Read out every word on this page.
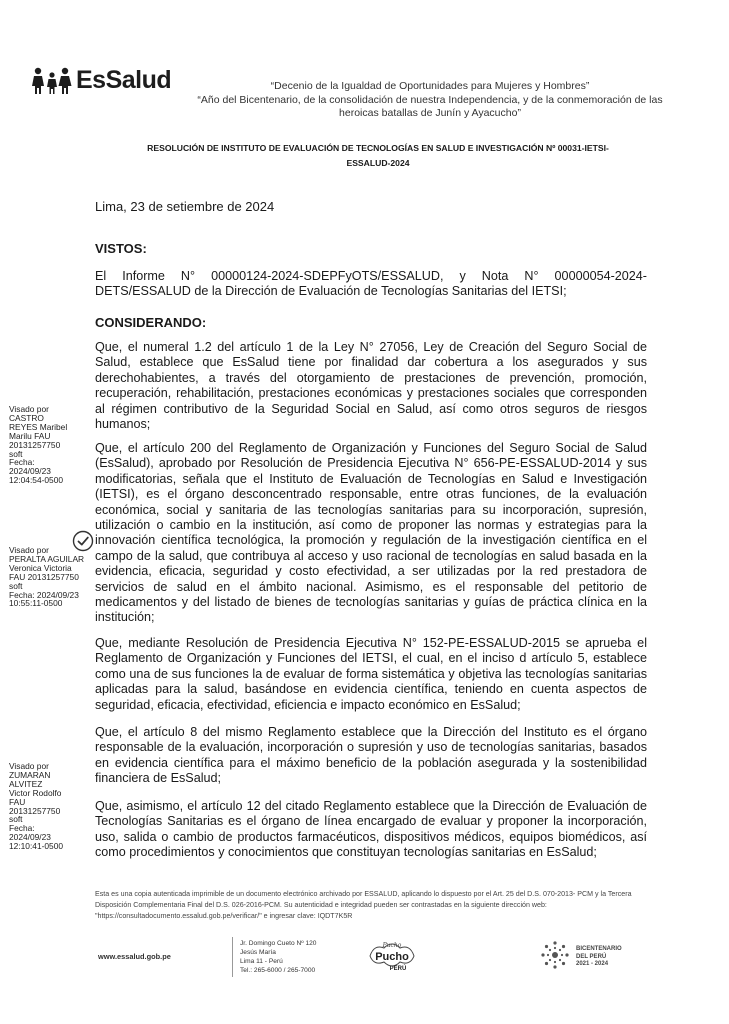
EsSalud	“Decenio de la Igualdad de Oportunidades para Mujeres y Hombres”
“Año del Bicentenario, de la consolidación de nuestra Independencia, y de la conmemoración de las
heroicas batallas de Junín y Ayacucho”
RESOLUCIÓN DE INSTITUTO DE EVALUACIÓN DE TECNOLOGÍAS EN SALUD E INVESTIGACIÓN Nº 00031-IETSI-
ESSALUD-2024
Lima, 23 de setiembre de 2024
VISTOS:

El Informe N° 00000124-2024-SDEPFyOTS/ESSALUD, y Nota N° 00000054-2024-DETS/ESSALUD de la Dirección de Evaluación de Tecnologías Sanitarias del IETSI;

CONSIDERANDO:

Que, el numeral 1.2 del artículo 1 de la Ley N° 27056, Ley de Creación del Seguro Social de Salud, establece que EsSalud tiene por finalidad dar cobertura a los asegurados y sus derechohabientes, a través del otorgamiento de prestaciones de prevención, promoción, recuperación, rehabilitación, prestaciones económicas y prestaciones sociales que corresponden al régimen contributivo de la Seguridad Social en Salud, así como otros seguros de riesgos humanos;

Que, el artículo 200 del Reglamento de Organización y Funciones del Seguro Social de Salud (EsSalud), aprobado por Resolución de Presidencia Ejecutiva N° 656-PE-ESSALUD-2014 y sus modificatorias, señala que el Instituto de Evaluación de Tecnologías en Salud e Investigación (IETSI), es el órgano desconcentrado responsable, entre otras funciones, de la evaluación económica, social y sanitaria de las tecnologías sanitarias para su incorporación, supresión, utilización o cambio en la institución, así como de proponer las normas y estrategias para la innovación científica tecnológica, la promoción y regulación de la investigación científica en el campo de la salud, que contribuya al acceso y uso racional de tecnologías en salud basada en la evidencia, eficacia, seguridad y costo efectividad, a ser utilizadas por la red prestadora de servicios de salud en el ámbito nacional. Asimismo, es el responsable del petitorio de medicamentos y del listado de bienes de tecnologías sanitarias y guías de práctica clínica en la institución;

Que, mediante Resolución de Presidencia Ejecutiva N° 152-PE-ESSALUD-2015 se aprueba el Reglamento de Organización y Funciones del IETSI, el cual, en el inciso d artículo 5, establece como una de sus funciones la de evaluar de forma sistemática y objetiva las tecnologías sanitarias aplicadas para la salud, basándose en evidencia científica, teniendo en cuenta aspectos de seguridad, eficacia, efectividad, eficiencia e impacto económico en EsSalud;

Que, el artículo 8 del mismo Reglamento establece que la Dirección del Instituto es el órgano responsable de la evaluación, incorporación o supresión y uso de tecnologías sanitarias, basados en evidencia científica para el máximo beneficio de la población asegurada y la sostenibilidad financiera de EsSalud;

Que, asimismo, el artículo 12 del citado Reglamento establece que la Dirección de Evaluación de Tecnologías Sanitarias es el órgano de línea encargado de evaluar y proponer la incorporación, uso, salida o cambio de productos farmacéuticos, dispositivos médicos, equipos biomédicos, así como procedimientos y conocimientos que constituyan tecnologías sanitarias en EsSalud;

Visado por
CASTRO
REYES Maribel
Marilu FAU
20131257750
soft
Fecha:
2024/09/23
12:04:54-0500
Visado por
PERALTA AGUILAR
Veronica Victoria
FAU 20131257750
soft
Fecha: 2024/09/23
10:55:11-0500
Visado por
ZUMARAN
ALVITEZ
Victor Rodolfo
FAU
20131257750
soft
Fecha:
2024/09/23
12:10:41-0500
Esta es una copia autenticada imprimible de un documento electrónico archivado por ESSALUD, aplicando lo dispuesto por el Art. 25 del D.S. 070-2013- PCM y la Tercera Disposición Complementaria Final del D.S. 026-2016-PCM. Su autenticidad e integridad pueden ser contrastadas en la siguiente dirección web: "https://consultadocumento.essalud.gob.pe/verificar/" e ingresar clave: IQDT7K5R
www.essalud.gob.pe
Jr. Domingo Cueto Nº 120
Jesús María
Lima 11 - Perú
Tel.: 265-6000 / 265-7000
Pucho
Pucho
PERÚ
BICENTENARIO
DEL PERÚ
2021 - 2024
